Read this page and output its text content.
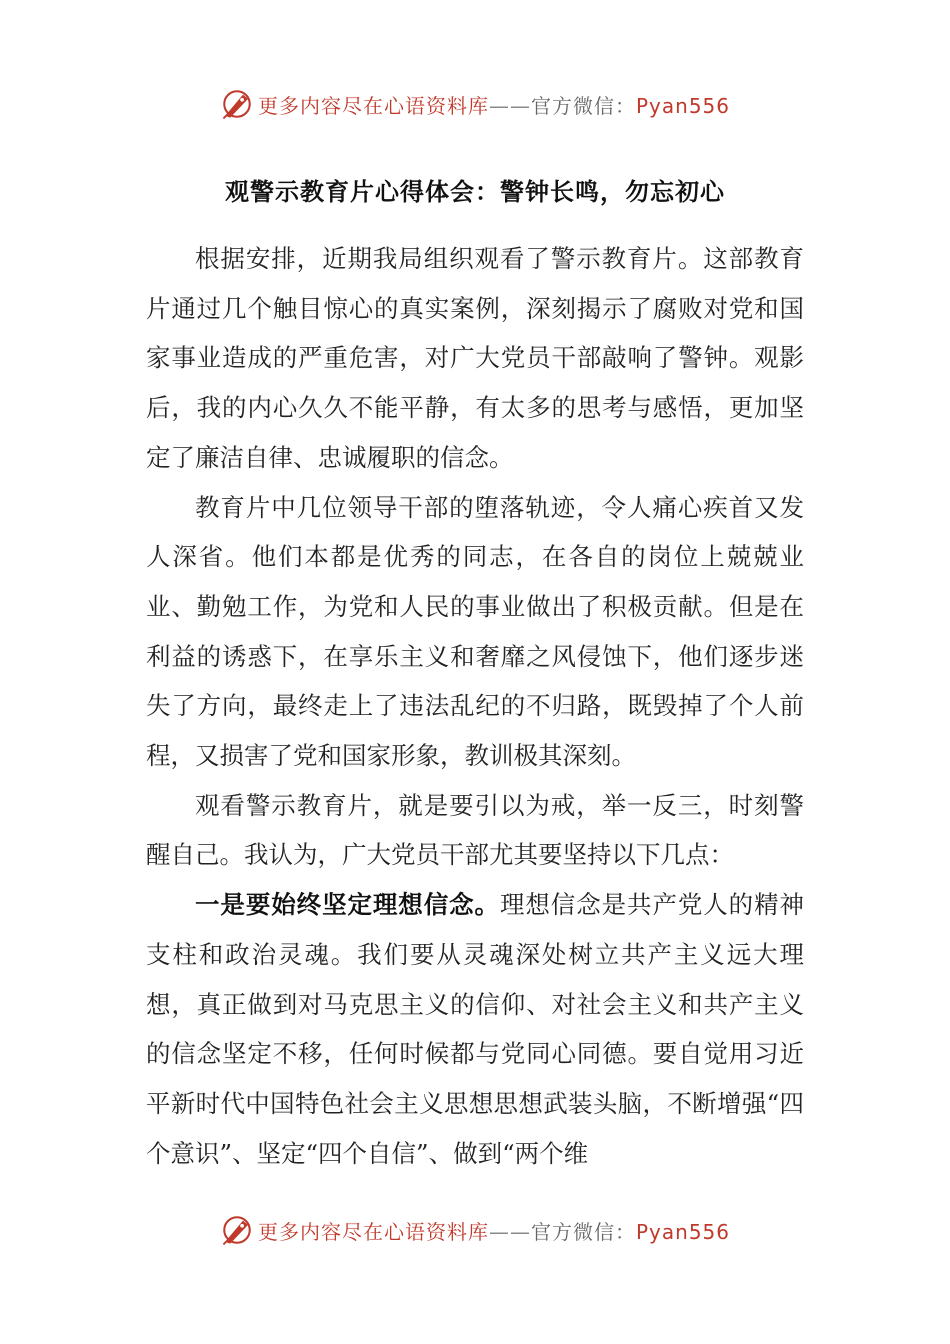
更多内容尽在心语资料库——官方微信：Pyan556
观警示教育片心得体会：警钟长鸣，勿忘初心

根据安排，近期我局组织观看了警示教育片。这部教育片通过几个触目惊心的真实案例，深刻揭示了腐败对党和国家事业造成的严重危害，对广大党员干部敲响了警钟。观影后，我的内心久久不能平静，有太多的思考与感悟，更加坚定了廉洁自律、忠诚履职的信念。

教育片中几位领导干部的堕落轨迹，令人痛心疾首又发人深省。他们本都是优秀的同志，在各自的岗位上兢兢业业、勤勉工作，为党和人民的事业做出了积极贡献。但是在利益的诱惑下，在享乐主义和奢靡之风侵蚀下，他们逐步迷失了方向，最终走上了违法乱纪的不归路，既毁掉了个人前程，又损害了党和国家形象，教训极其深刻。

观看警示教育片，就是要引以为戒，举一反三，时刻警醒自己。我认为，广大党员干部尤其要坚持以下几点：

一是要始终坚定理想信念。理想信念是共产党人的精神支柱和政治灵魂。我们要从灵魂深处树立共产主义远大理想，真正做到对马克思主义的信仰、对社会主义和共产主义的信念坚定不移，任何时候都与党同心同德。要自觉用习近平新时代中国特色社会主义思想思想武装头脑，不断增强“四个意识”、坚定“四个自信”、做到“两个维

更多内容尽在心语资料库——官方微信：Pyan556
